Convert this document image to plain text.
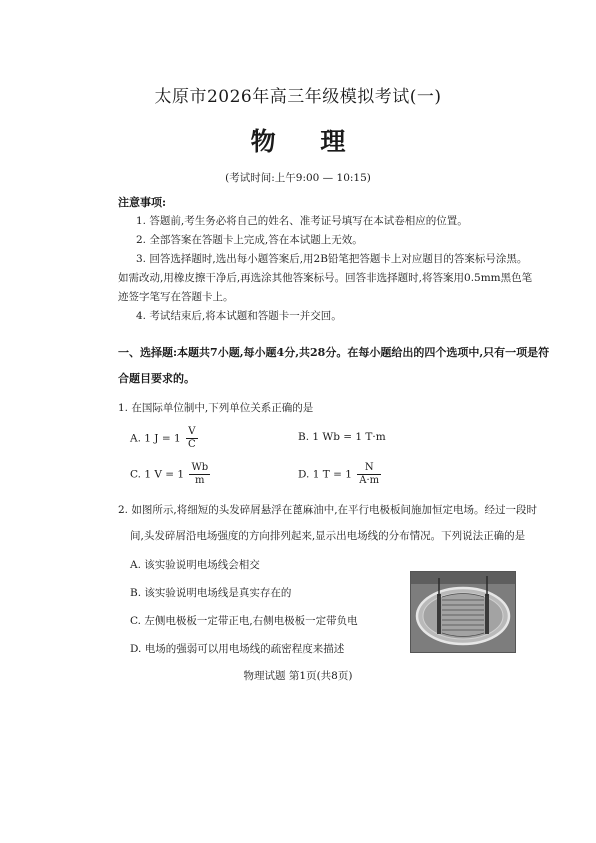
太原市2026年高三年级模拟考试(一)
物 理
(考试时间:上午9:00 — 10:15)
注意事项:
1. 答题前,考生务必将自己的姓名、准考证号填写在本试卷相应的位置。
2. 全部答案在答题卡上完成,答在本试题上无效。
3. 回答选择题时,选出每小题答案后,用2B铅笔把答题卡上对应题目的答案标号涂黑。
如需改动,用橡皮擦干净后,再选涂其他答案标号。回答非选择题时,将答案用0.5mm黑色笔
迹签字笔写在答题卡上。
4. 考试结束后,将本试题和答题卡一并交回。
一、选择题:本题共7小题,每小题4分,共28分。在每小题给出的四个选项中,只有一项是符
合题目要求的。
1. 在国际单位制中,下列单位关系正确的是
A. 1 $J = 1 \frac{V}{C}$	B. 1 Wb = 1 T·m
C. 1 $V = 1 \frac{Wb}{m}$	D. 1 $T = 1 \frac{N}{A\cdot m}$
2. 如图所示,将细短的头发碎屑悬浮在蓖麻油中,在平行电极板间施加恒定电场。经过一段时
间,头发碎屑沿电场强度的方向排列起来,显示出电场线的分布情况。下列说法正确的是
A. 该实验说明电场线会相交
B. 该实验说明电场线是真实存在的
C. 左侧电极板一定带正电,右侧电极板一定带负电
D. 电场的强弱可以用电场线的疏密程度来描述
物理试题 第1页(共8页)
